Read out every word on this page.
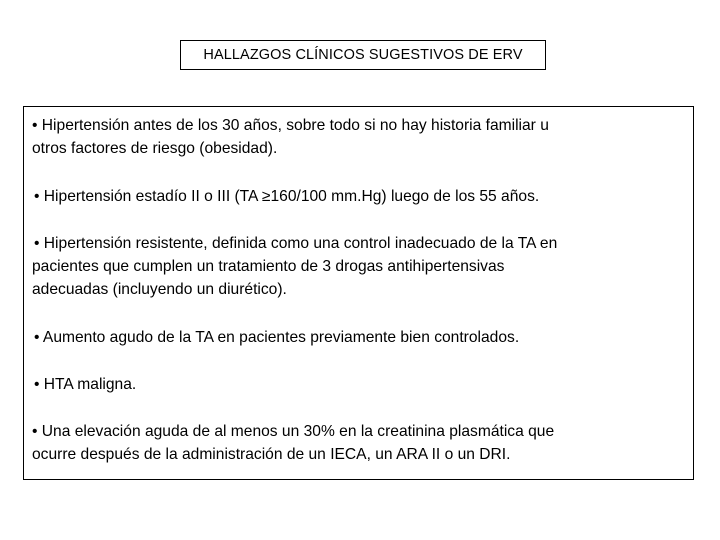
HALLAZGOS CLÍNICOS SUGESTIVOS DE ERV

• Hipertensión antes de los 30 años, sobre todo si no hay historia familiar u
otros factores de riesgo (obesidad).

• Hipertensión estadío II o III (TA ≥160/100 mm.Hg) luego de los 55 años.

• Hipertensión resistente, definida como una control inadecuado de la TA en
pacientes que cumplen un tratamiento de 3 drogas antihipertensivas
adecuadas (incluyendo un diurético).

• Aumento agudo de la TA en pacientes previamente bien controlados.

• HTA maligna.

• Una elevación aguda de al menos un 30% en la creatinina plasmática que
ocurre después de la administración de un IECA, un ARA II o un DRI.
